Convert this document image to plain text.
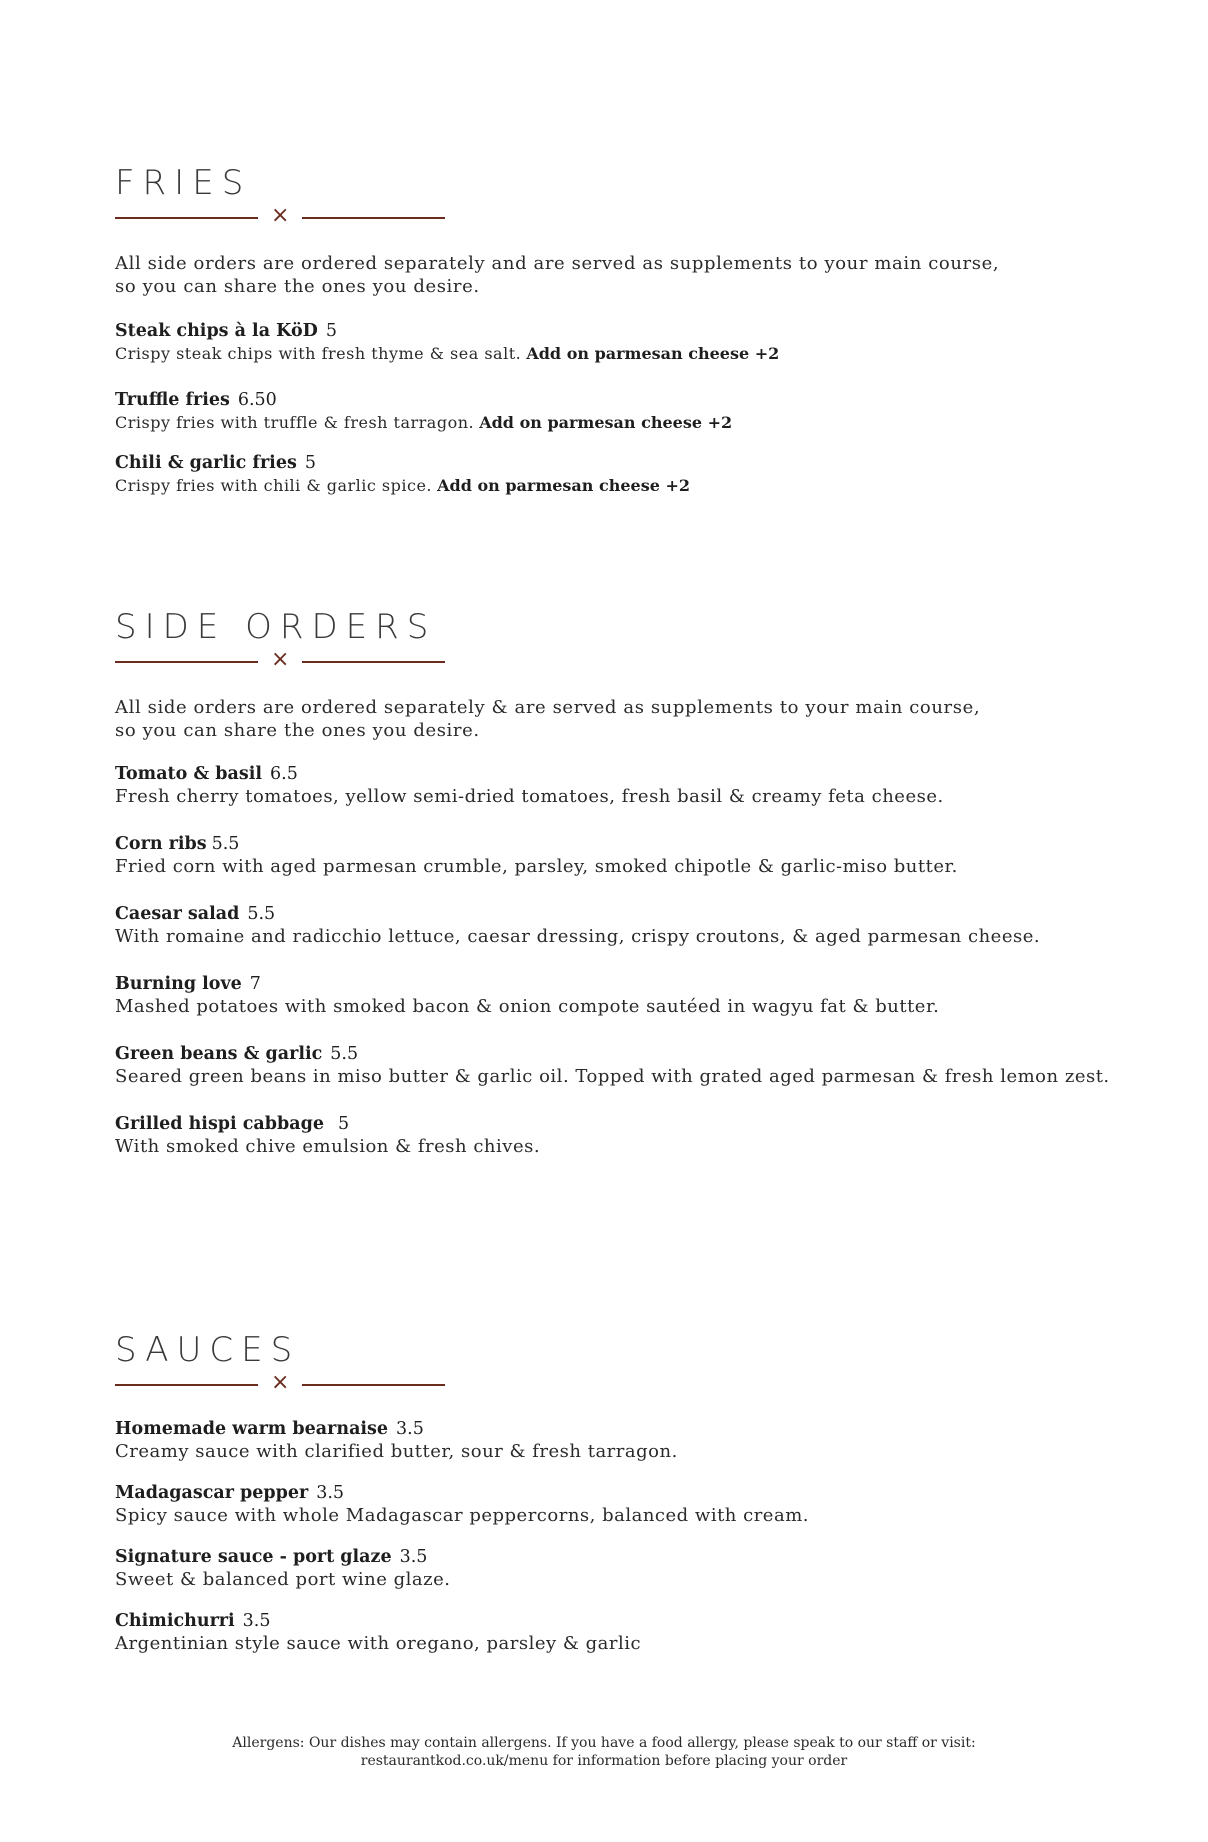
FRIES
×

All side orders are ordered separately and are served as supplements to your main course,
so you can share the ones you desire.

Steak chips à la KöD 5
Crispy steak chips with fresh thyme & sea salt. Add on parmesan cheese +2
Truffle fries 6.50
Crispy fries with truffle & fresh tarragon. Add on parmesan cheese +2
Chili & garlic fries 5
Crispy fries with chili & garlic spice. Add on parmesan cheese +2
SIDE ORDERS
×

All side orders are ordered separately & are served as supplements to your main course,
so you can share the ones you desire.

Tomato & basil 6.5
Fresh cherry tomatoes, yellow semi-dried tomatoes, fresh basil & creamy feta cheese.
Corn ribs 5.5
Fried corn with aged parmesan crumble, parsley, smoked chipotle & garlic-miso butter.
Caesar salad 5.5
With romaine and radicchio lettuce, caesar dressing, crispy croutons, & aged parmesan cheese.
Burning love 7
Mashed potatoes with smoked bacon & onion compote sautéed in wagyu fat & butter.
Green beans & garlic 5.5
Seared green beans in miso butter & garlic oil. Topped with grated aged parmesan & fresh lemon zest.
Grilled hispi cabbage 5
With smoked chive emulsion & fresh chives.
SAUCES
×
Homemade warm bearnaise 3.5
Creamy sauce with clarified butter, sour & fresh tarragon.
Madagascar pepper 3.5
Spicy sauce with whole Madagascar peppercorns, balanced with cream.
Signature sauce - port glaze 3.5
Sweet & balanced port wine glaze.
Chimichurri 3.5
Argentinian style sauce with oregano, parsley & garlic
Allergens: Our dishes may contain allergens. If you have a food allergy, please speak to our staff or visit:
restaurantkod.co.uk/menu for information before placing your order
